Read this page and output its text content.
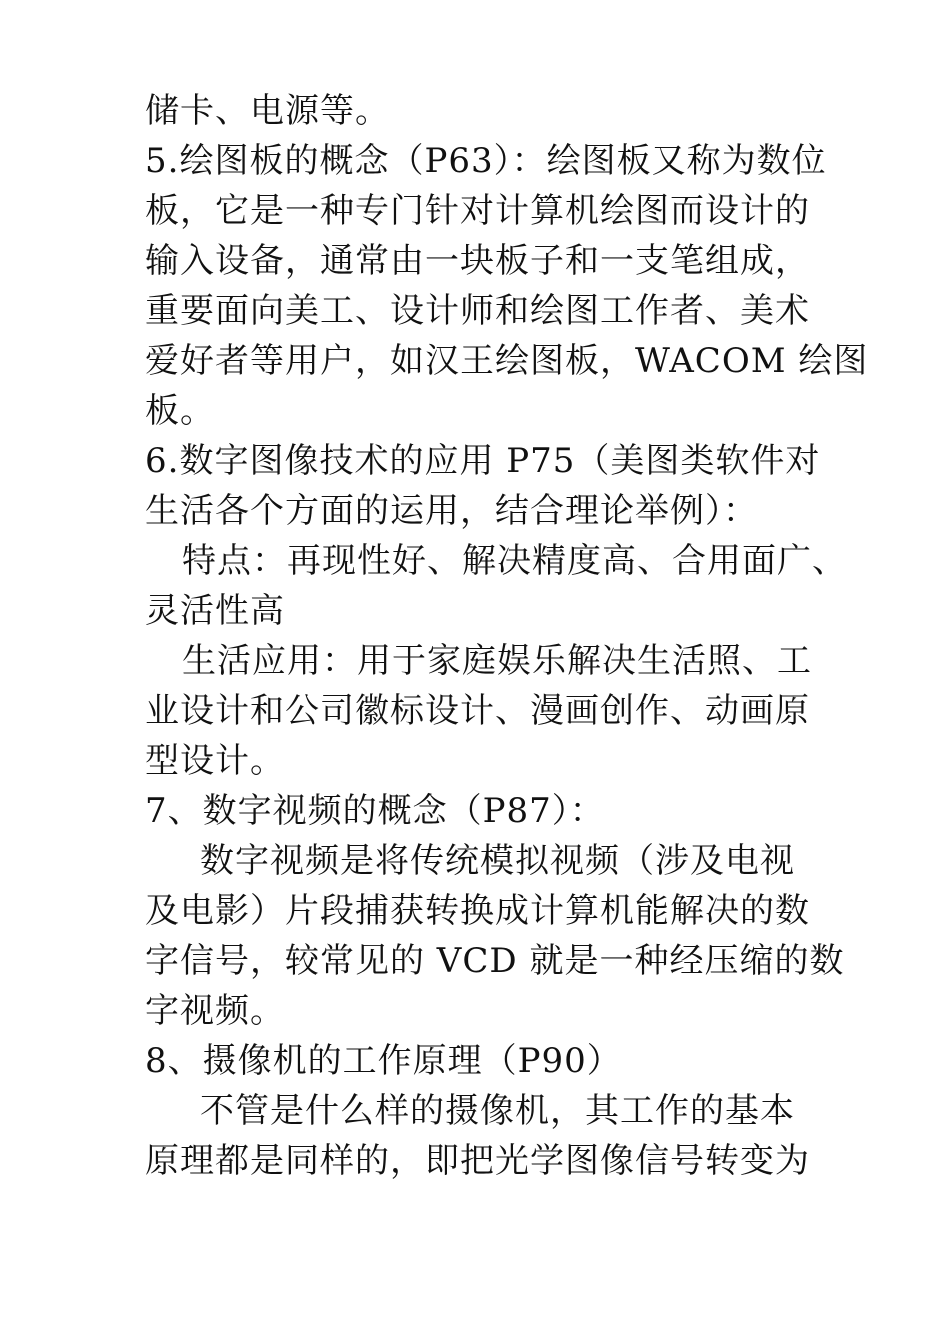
储卡、电源等。
5.绘图板的概念（P63）：绘图板又称为数位
板，它是一种专门针对计算机绘图而设计的
输入设备，通常由一块板子和一支笔组成，
重要面向美工、设计师和绘图工作者、美术
爱好者等用户，如汉王绘图板，WACOM 绘图
板。
6.数字图像技术的应用 P75（美图类软件对
生活各个方面的运用，结合理论举例）：
特点：再现性好、解决精度高、合用面广、
灵活性高
生活应用：用于家庭娱乐解决生活照、工
业设计和公司徽标设计、漫画创作、动画原
型设计。
7、数字视频的概念（P87）：
数字视频是将传统模拟视频（涉及电视
及电影）片段捕获转换成计算机能解决的数
字信号，较常见的 VCD 就是一种经压缩的数
字视频。
8、摄像机的工作原理（P90）
不管是什么样的摄像机，其工作的基本
原理都是同样的，即把光学图像信号转变为
